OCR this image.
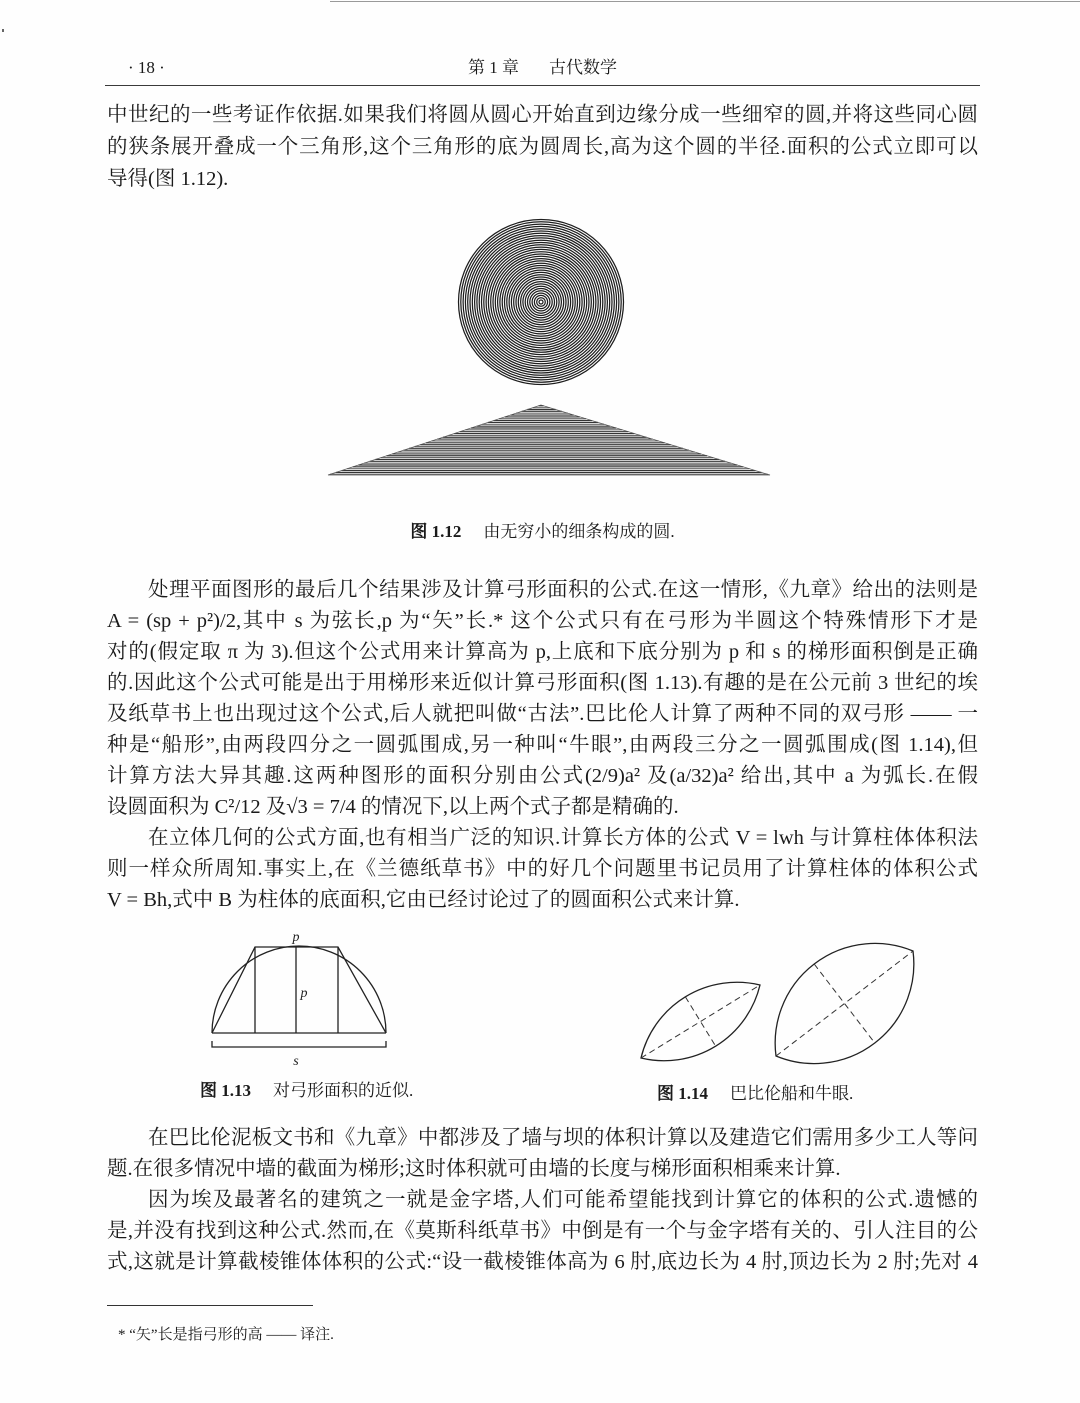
· 18 ·	第 1 章 古代数学
中世纪的一些考证作依据.如果我们将圆从圆心开始直到边缘分成一些细窄的圆,并将这些同心圆
的狭条展开叠成一个三角形,这个三角形的底为圆周长,高为这个圆的半径.面积的公式立即可以
导得(图 1.12).
图 1.12 由无穷小的细条构成的圆.
处理平面图形的最后几个结果涉及计算弓形面积的公式.在这一情形,《九章》给出的法则是
A = (sp + p²)/2,其中 s 为弦长,p 为“矢”长.* 这个公式只有在弓形为半圆这个特殊情形下才是
对的(假定取 π 为 3).但这个公式用来计算高为 p,上底和下底分别为 p 和 s 的梯形面积倒是正确
的.因此这个公式可能是出于用梯形来近似计算弓形面积(图 1.13).有趣的是在公元前 3 世纪的埃
及纸草书上也出现过这个公式,后人就把叫做“古法”.巴比伦人计算了两种不同的双弓形 —— 一
种是“船形”,由两段四分之一圆弧围成,另一种叫“牛眼”,由两段三分之一圆弧围成(图 1.14),但
计算方法大异其趣.这两种图形的面积分别由公式(2/9)a² 及(a/32)a² 给出,其中 a 为弧长.在假
设圆面积为 C²/12 及√3 = 7/4 的情况下,以上两个式子都是精确的.
在立体几何的公式方面,也有相当广泛的知识.计算长方体的公式 V = lwh 与计算柱体体积法
则一样众所周知.事实上,在《兰德纸草书》中的好几个问题里书记员用了计算柱体的体积公式
V = Bh,式中 B 为柱体的底面积,它由已经讨论过了的圆面积公式来计算.
p
p
s
图 1.13 对弓形面积的近似.	图 1.14 巴比伦船和牛眼.
在巴比伦泥板文书和《九章》中都涉及了墙与坝的体积计算以及建造它们需用多少工人等问
题.在很多情况中墙的截面为梯形;这时体积就可由墙的长度与梯形面积相乘来计算.
因为埃及最著名的建筑之一就是金字塔,人们可能希望能找到计算它的体积的公式.遗憾的
是,并没有找到这种公式.然而,在《莫斯科纸草书》中倒是有一个与金字塔有关的、引人注目的公
式,这就是计算截棱锥体体积的公式:“设一截棱锥体高为 6 肘,底边长为 4 肘,顶边长为 2 肘;先对 4
* “矢”长是指弓形的高 —— 译注.
